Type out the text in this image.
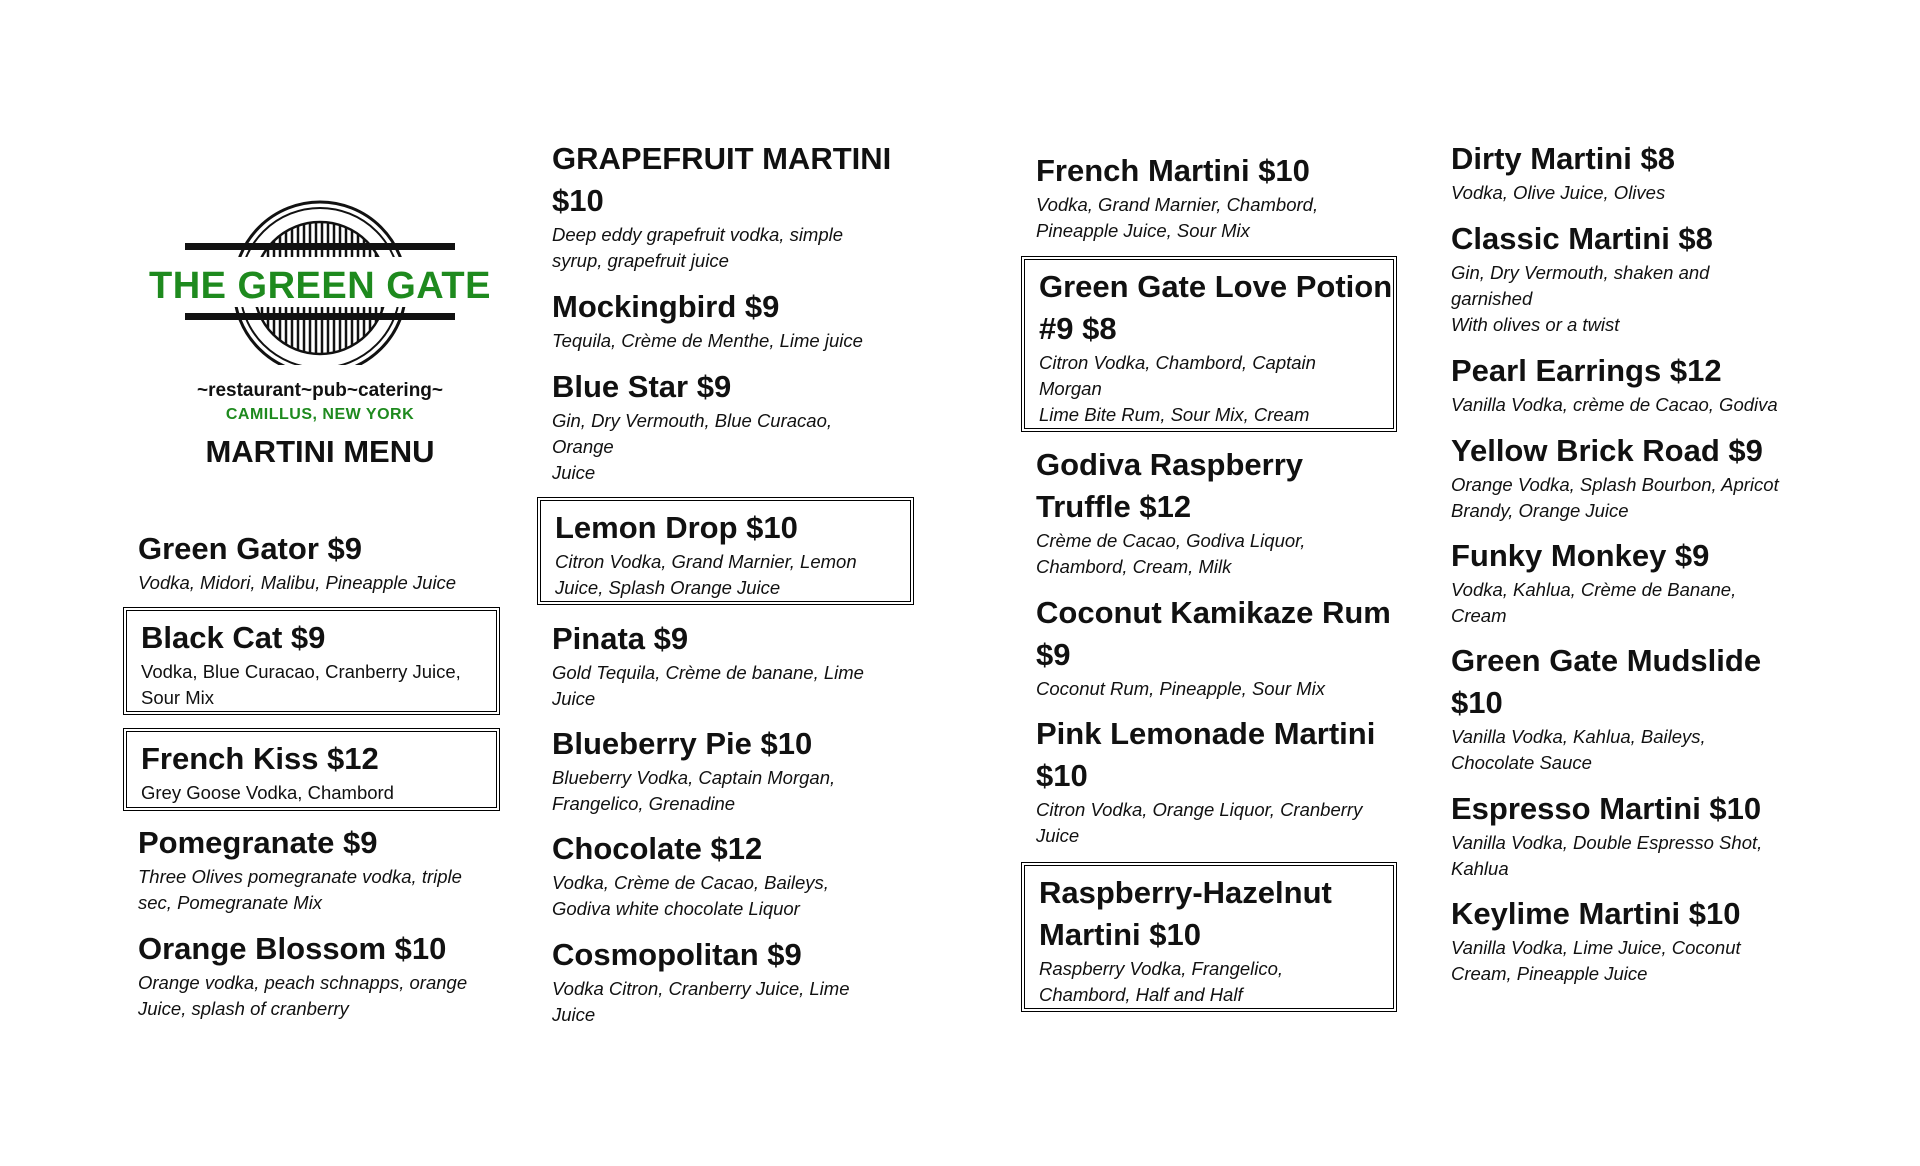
THE GREEN GATE
~restaurant~pub~catering~
CAMILLUS, NEW YORK
MARTINI MENU
Green Gator $9
Vodka, Midori, Malibu, Pineapple Juice
Black Cat $9
Vodka, Blue Curacao, Cranberry Juice,
Sour Mix
French Kiss $12
Grey Goose Vodka, Chambord
Pomegranate $9
Three Olives pomegranate vodka, triple
sec, Pomegranate Mix
Orange Blossom $10
Orange vodka, peach schnapps, orange
Juice, splash of cranberry
GRAPEFRUIT MARTINI
$10
Deep eddy grapefruit vodka, simple
syrup, grapefruit juice
Mockingbird $9
Tequila, Crème de Menthe, Lime juice
Blue Star $9
Gin, Dry Vermouth, Blue Curacao,
Orange
Juice
Lemon Drop $10
Citron Vodka, Grand Marnier, Lemon
Juice, Splash Orange Juice
Pinata $9
Gold Tequila, Crème de banane, Lime
Juice
Blueberry Pie $10
Blueberry Vodka, Captain Morgan,
Frangelico, Grenadine
Chocolate $12
Vodka, Crème de Cacao, Baileys,
Godiva white chocolate Liquor
Cosmopolitan $9
Vodka Citron, Cranberry Juice, Lime
Juice
French Martini $10
Vodka, Grand Marnier, Chambord,
Pineapple Juice, Sour Mix
Green Gate Love Potion
#9 $8
Citron Vodka, Chambord, Captain
Morgan
Lime Bite Rum, Sour Mix, Cream
Godiva Raspberry
Truffle $12
Crème de Cacao, Godiva Liquor,
Chambord, Cream, Milk
Coconut Kamikaze Rum
$9
Coconut Rum, Pineapple, Sour Mix
Pink Lemonade Martini
$10
Citron Vodka, Orange Liquor, Cranberry
Juice
Raspberry-Hazelnut
Martini $10
Raspberry Vodka, Frangelico,
Chambord, Half and Half
Dirty Martini $8
Vodka, Olive Juice, Olives
Classic Martini $8
Gin, Dry Vermouth, shaken and
garnished
With olives or a twist
Pearl Earrings $12
Vanilla Vodka, crème de Cacao, Godiva
Yellow Brick Road $9
Orange Vodka, Splash Bourbon, Apricot
Brandy, Orange Juice
Funky Monkey $9
Vodka, Kahlua, Crème de Banane,
Cream
Green Gate Mudslide
$10
Vanilla Vodka, Kahlua, Baileys,
Chocolate Sauce
Espresso Martini $10
Vanilla Vodka, Double Espresso Shot,
Kahlua
Keylime Martini $10
Vanilla Vodka, Lime Juice, Coconut
Cream, Pineapple Juice
